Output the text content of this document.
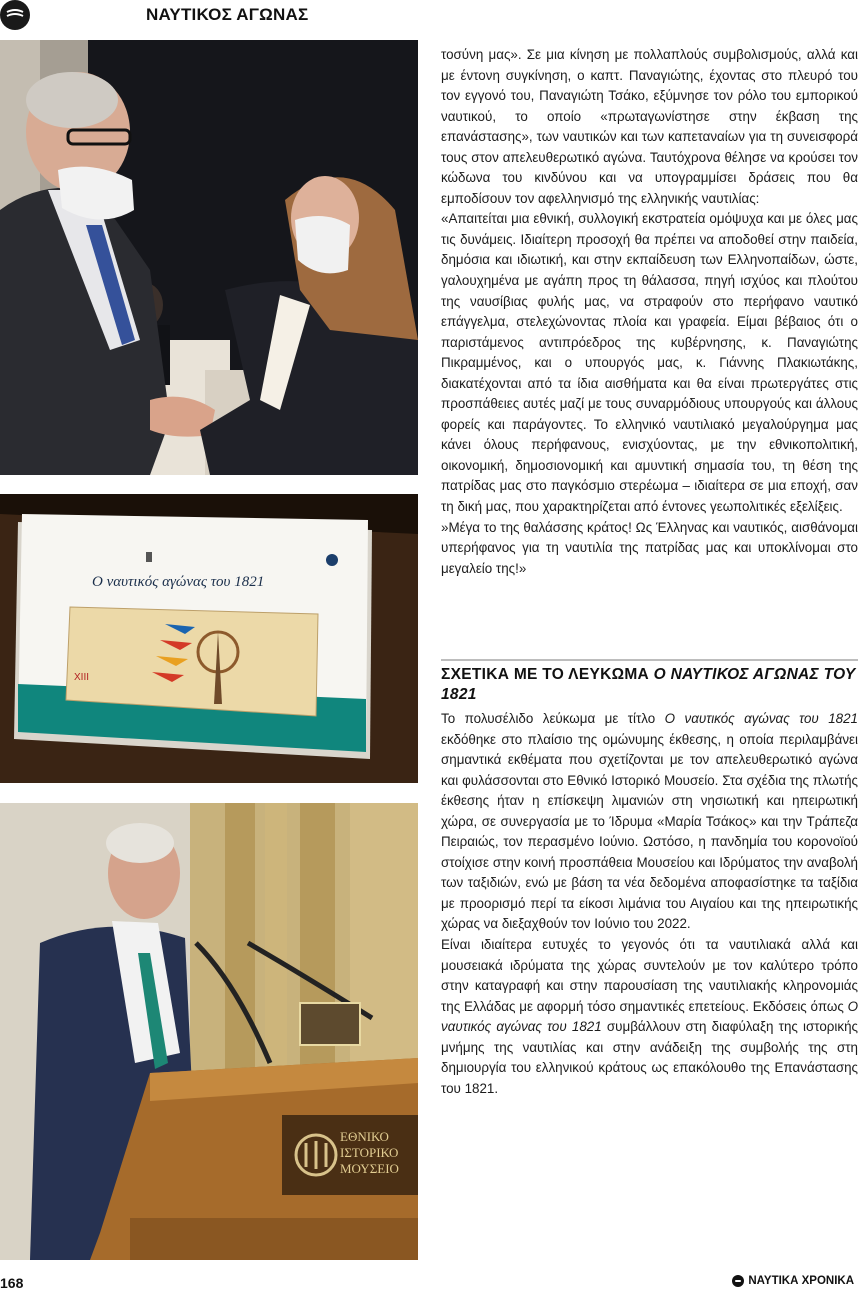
ΝΑΥΤΙΚΟΣ ΑΓΩΝΑΣ
Ο ναυτικός αγώνας του 1821
XIII
ΕΘΝΙΚΟ
ΙΣΤΟΡΙΚΟ
ΜΟΥΣΕΙΟ

τοσύνη μας». Σε μια κίνηση με πολλαπλούς συμβολισμούς, αλλά και με έντονη συγκίνηση, ο καπτ. Παναγιώτης, έχοντας στο πλευρό του τον εγγονό του, Παναγιώτη Τσάκο, εξύμνησε τον ρόλο του εμπορικού ναυτικού, το οποίο «πρωταγωνίστησε στην έκβαση της επανάστασης», των ναυτικών και των καπεταναίων για τη συνεισφορά τους στον απελευθερωτικό αγώνα. Ταυτόχρονα θέλησε να κρούσει τον κώδωνα του κινδύνου και να υπογραμμίσει δράσεις που θα εμποδίσουν τον αφελληνισμό της ελληνικής ναυτιλίας:

«Απαιτείται μια εθνική, συλλογική εκστρατεία ομόψυχα και με όλες μας τις δυνάμεις. Ιδιαίτερη προσοχή θα πρέπει να αποδοθεί στην παιδεία, δημόσια και ιδιωτική, και στην εκπαίδευση των Ελληνοπαίδων, ώστε, γαλουχημένα με αγάπη προς τη θάλασσα, πηγή ισχύος και πλούτου της ναυσίβιας φυλής μας, να στραφούν στο περήφανο ναυτικό επάγγελμα, στελεχώνοντας πλοία και γραφεία. Είμαι βέβαιος ότι ο παριστάμενος αντιπρόεδρος της κυβέρνησης, κ. Παναγιώτης Πικραμμένος, και ο υπουργός μας, κ. Γιάννης Πλακιωτάκης, διακατέχονται από τα ίδια αισθήματα και θα είναι πρωτεργάτες στις προσπάθειες αυτές μαζί με τους συναρμόδιους υπουργούς και άλλους φορείς και παράγοντες. Το ελληνικό ναυτιλιακό μεγαλούργημα μας κάνει όλους περήφανους, ενισχύοντας, με την εθνικοπολιτική, οικονομική, δημοσιονομική και αμυντική σημασία του, τη θέση της πατρίδας μας στο παγκόσμιο στερέωμα – ιδιαίτερα σε μια εποχή, σαν τη δική μας, που χαρακτηρίζεται από έντονες γεωπολιτικές εξελίξεις.

»Μέγα το της θαλάσσης κράτος! Ως Έλληνας και ναυτικός, αισθάνομαι υπερήφανος για τη ναυτιλία της πατρίδας μας και υποκλίνομαι στο μεγαλείο της!»

ΣΧΕΤΙΚΑ ΜΕ ΤΟ ΛΕΥΚΩΜΑ Ο ΝΑΥΤΙΚΟΣ ΑΓΩΝΑΣ ΤΟΥ 1821

Το πολυσέλιδο λεύκωμα με τίτλο Ο ναυτικός αγώνας του 1821 εκδόθηκε στο πλαίσιο της ομώνυμης έκθεσης, η οποία περιλαμβάνει σημαντικά εκθέματα που σχετίζονται με τον απελευθερωτικό αγώνα και φυλάσσονται στο Εθνικό Ιστορικό Μουσείο. Στα σχέδια της πλωτής έκθεσης ήταν η επίσκεψη λιμανιών στη νησιωτική και ηπειρωτική χώρα, σε συνεργασία με το Ίδρυμα «Μαρία Τσάκος» και την Τράπεζα Πειραιώς, τον περασμένο Ιούνιο. Ωστόσο, η πανδημία του κορονοϊού στοίχισε στην κοινή προσπάθεια Μουσείου και Ιδρύματος την αναβολή των ταξιδιών, ενώ με βάση τα νέα δεδομένα αποφασίστηκε τα ταξίδια με προορισμό περί τα είκοσι λιμάνια του Αιγαίου και της ηπειρωτικής χώρας να διεξαχθούν τον Ιούνιο του 2022.

Είναι ιδιαίτερα ευτυχές το γεγονός ότι τα ναυτιλιακά αλλά και μουσειακά ιδρύματα της χώρας συντελούν με τον καλύτερο τρόπο στην καταγραφή και στην παρουσίαση της ναυτιλιακής κληρονομιάς της Ελλάδας με αφορμή τόσο σημαντικές επετείους. Εκδόσεις όπως Ο ναυτικός αγώνας του 1821 συμβάλλουν στη διαφύλαξη της ιστορικής μνήμης της ναυτιλίας και στην ανάδειξη της συμβολής της στη δημιουργία του ελληνικού κράτους ως επακόλουθο της Επανάστασης του 1821.

168	ΝΑΥΤΙΚΑ ΧΡΟΝΙΚΑ
